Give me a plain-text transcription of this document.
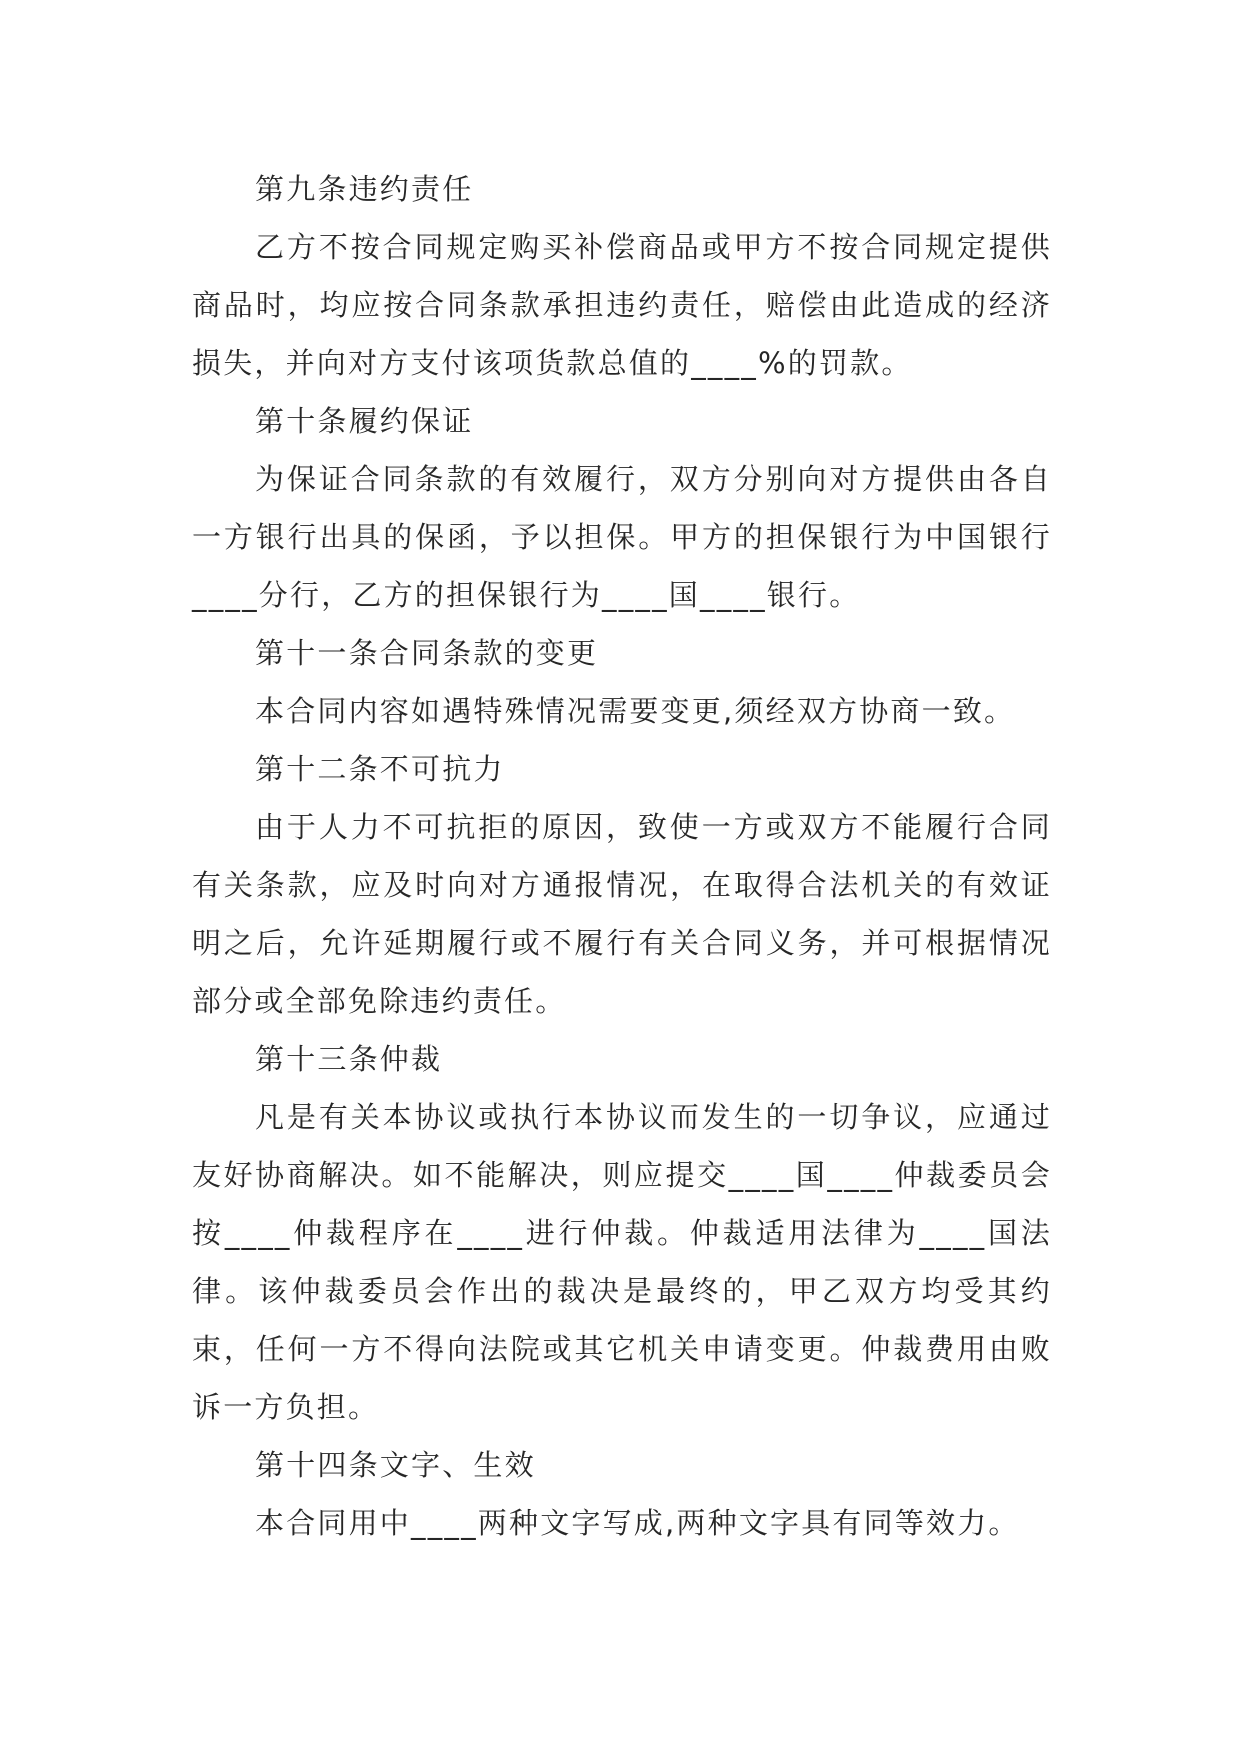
第九条违约责任

乙方不按合同规定购买补偿商品或甲方不按合同规定提供商品时，均应按合同条款承担违约责任，赔偿由此造成的经济损失，并向对方支付该项货款总值的____%的罚款。

第十条履约保证

为保证合同条款的有效履行，双方分别向对方提供由各自一方银行出具的保函，予以担保。甲方的担保银行为中国银行____分行，乙方的担保银行为____国____银行。

第十一条合同条款的变更

本合同内容如遇特殊情况需要变更,须经双方协商一致。

第十二条不可抗力

由于人力不可抗拒的原因，致使一方或双方不能履行合同有关条款，应及时向对方通报情况，在取得合法机关的有效证明之后，允许延期履行或不履行有关合同义务，并可根据情况部分或全部免除违约责任。

第十三条仲裁

凡是有关本协议或执行本协议而发生的一切争议，应通过友好协商解决。如不能解决，则应提交____国____仲裁委员会按____仲裁程序在____进行仲裁。仲裁适用法律为____国法律。该仲裁委员会作出的裁决是最终的，甲乙双方均受其约束，任何一方不得向法院或其它机关申请变更。仲裁费用由败诉一方负担。

第十四条文字、生效

本合同用中____两种文字写成,两种文字具有同等效力。
